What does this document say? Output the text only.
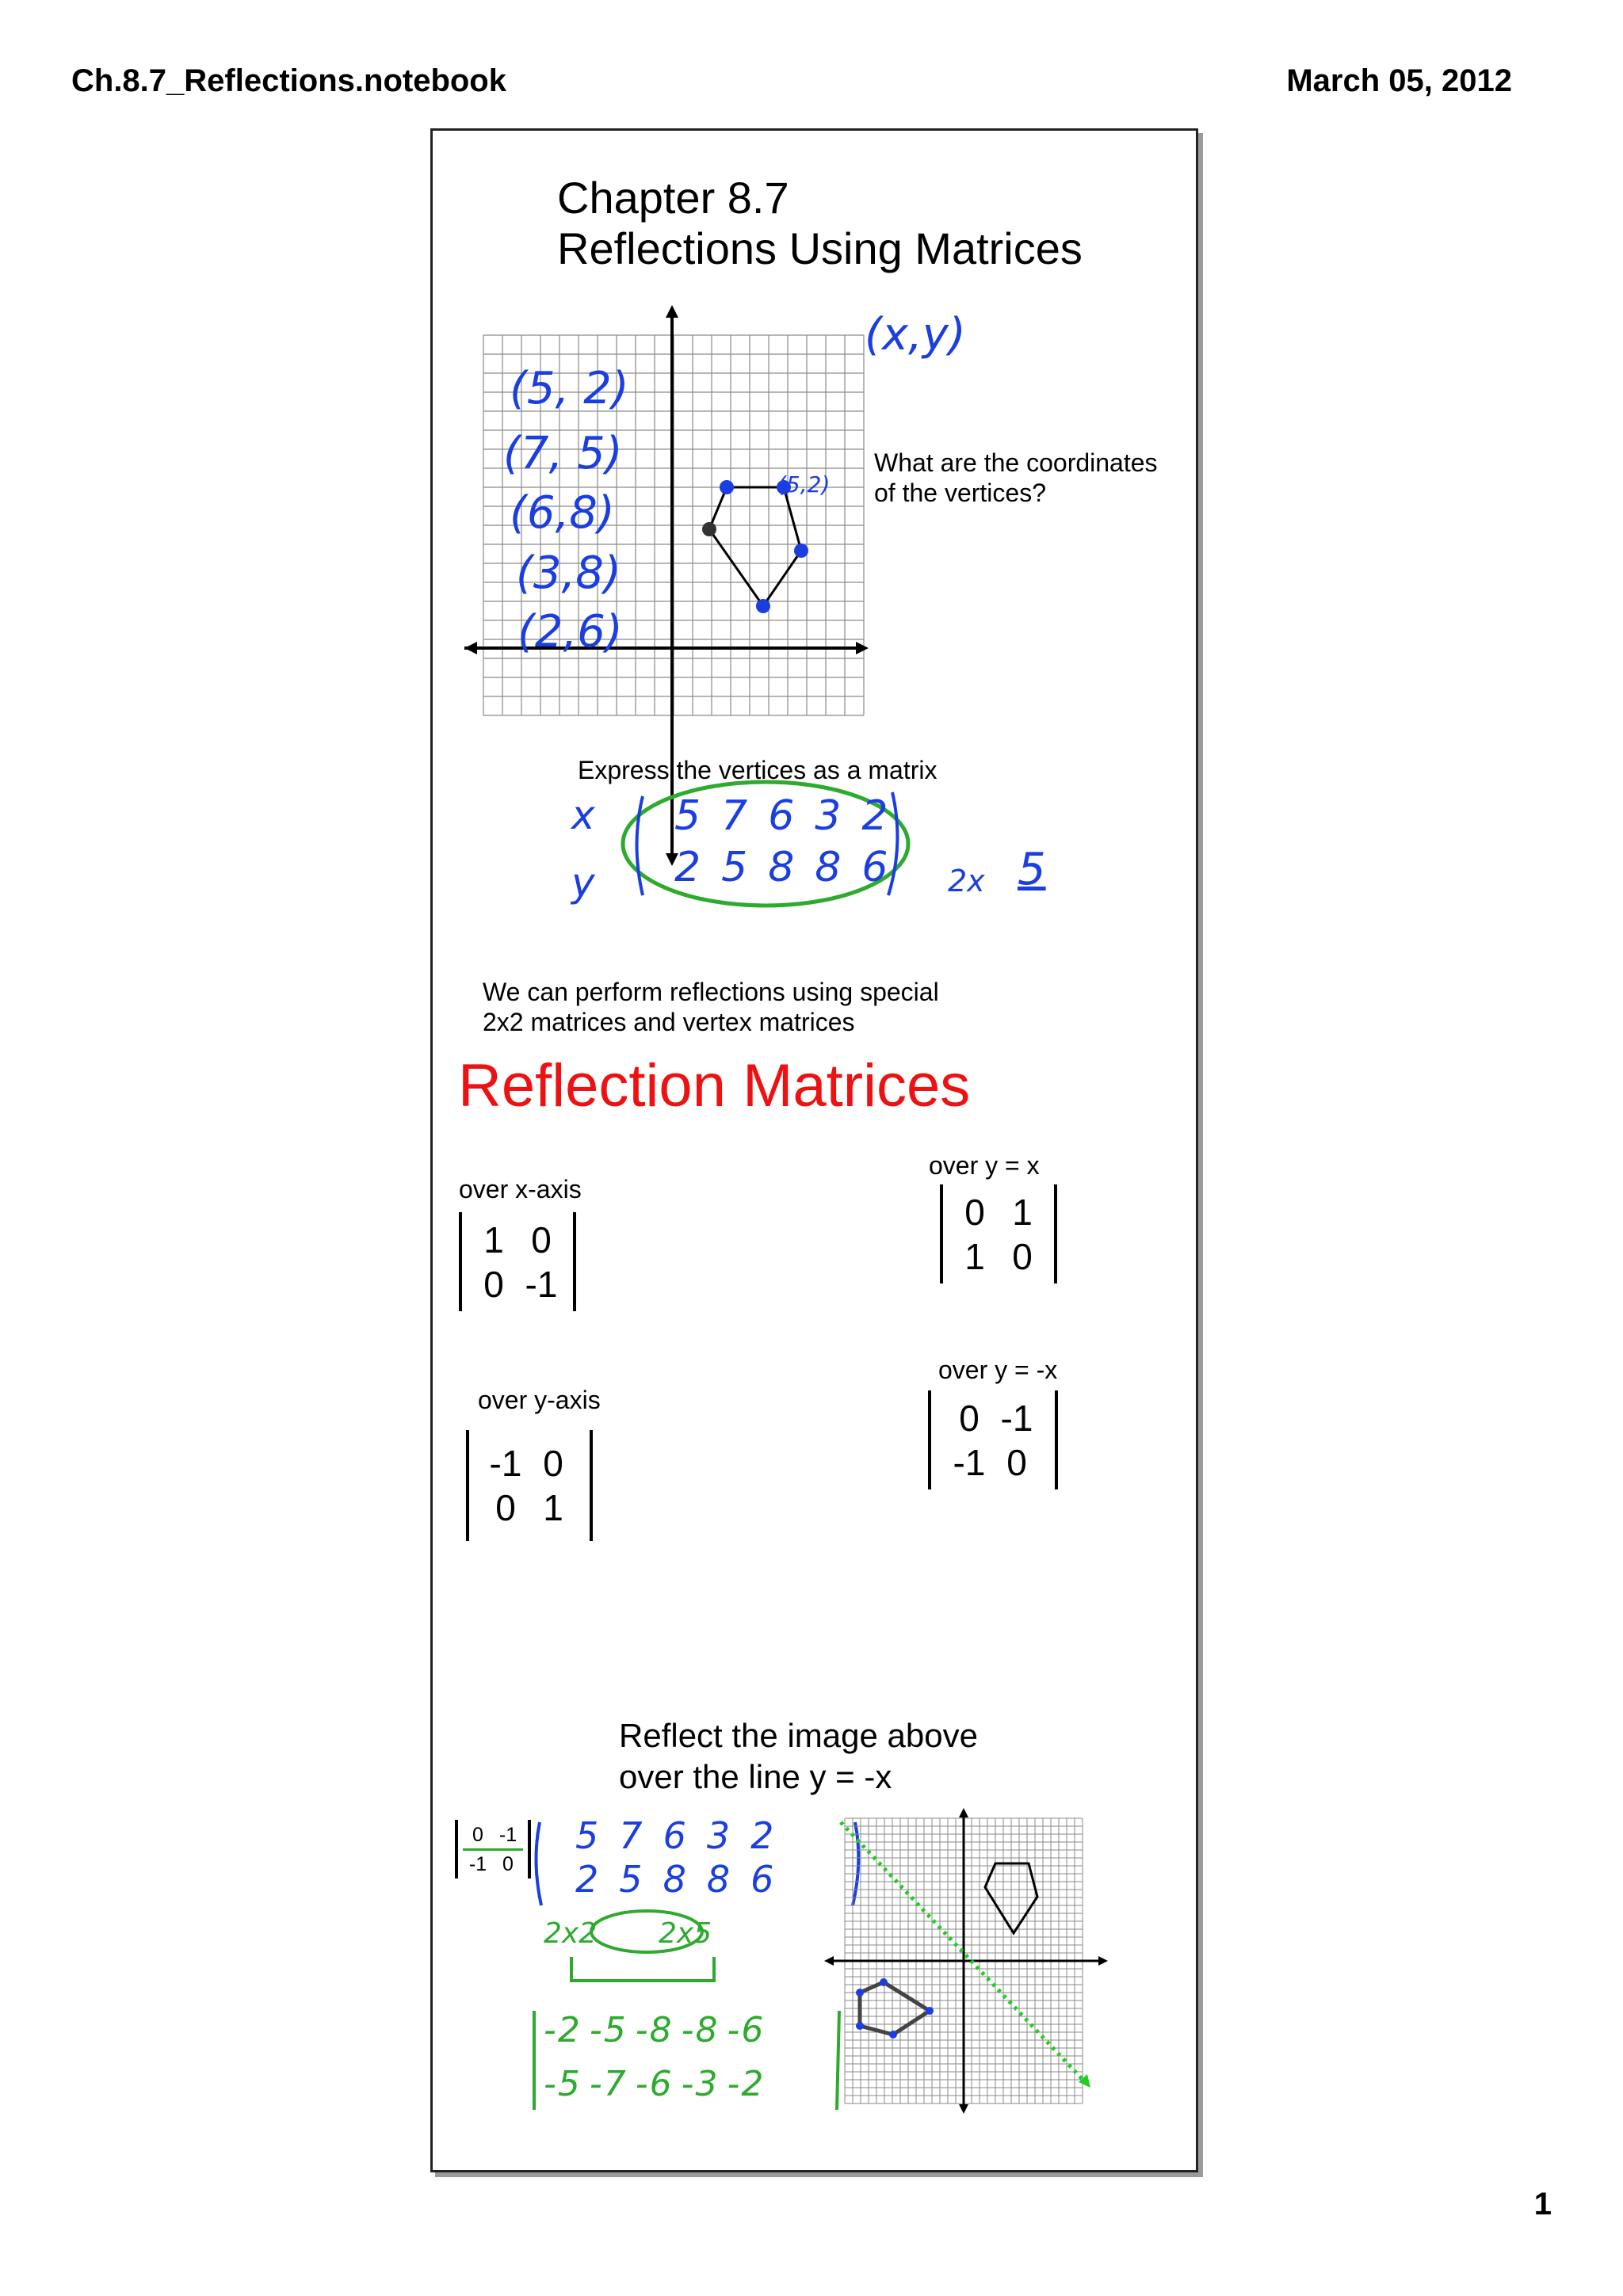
Ch.8.7_Reflections.notebook	March 05, 2012
1
Chapter 8.7
Reflections Using Matrices
(x,y)
(5,2)
What are the coordinates
of the vertices?
Express the vertices as a matrix
x
y
5 7 6 3 2
2 5 8 8 6	2x 5
We can perform reflections using special
2x2 matrices and vertex matrices
Reflection Matrices
over x-axis
1 0
0 -1
over y = x
0 1
1 0
over y-axis
-1 0
0 1
over y = -x
0 -1
-1 0
Reflect the image above
over the line y = -x
0 -1
-1 0
5 7 6 3 2
2 5 8 8 6
2x2 2x5
-2 -5 -8 -8 -6
-5 -7 -6 -3 -2
(5, 2)
(7, 5)
(6,8)
(3,8)
(2,6)
